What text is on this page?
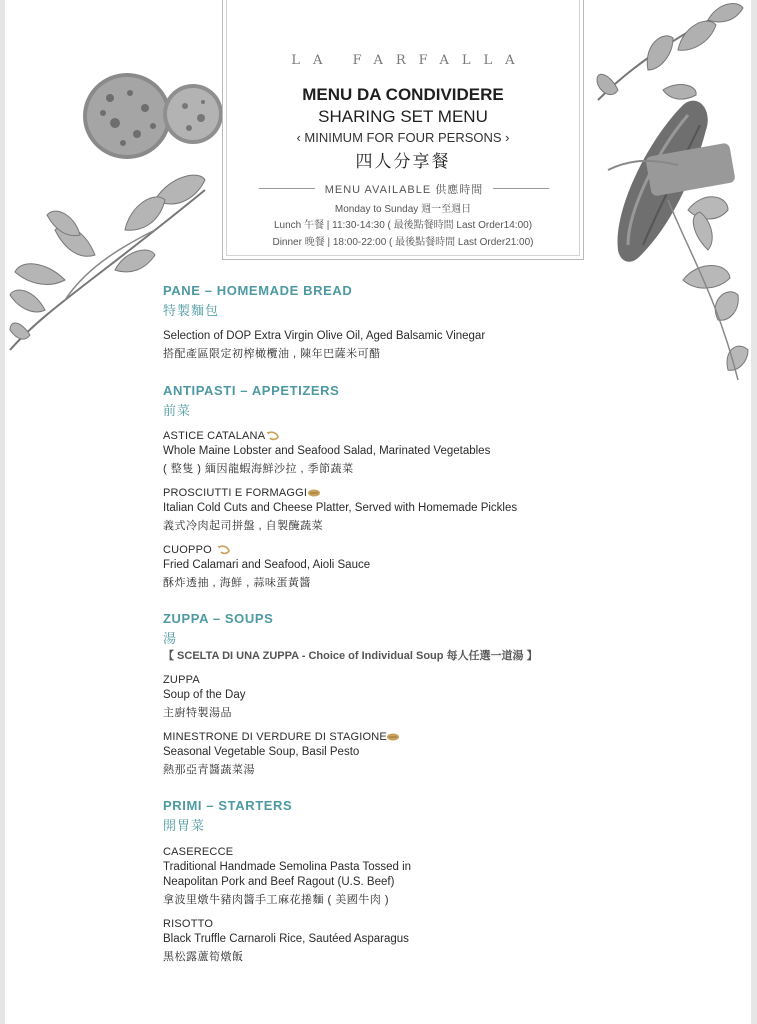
LA FARFALLA
MENU DA CONDIVIDERE
SHARING SET MENU
‹ MINIMUM FOR FOUR PERSONS ›
四人分享餐
MENU AVAILABLE 供應時間
Monday to Sunday 週一至週日
Lunch 午餐 | 11:30-14:30 ( 最後點餐時間 Last Order14:00)
Dinner 晚餐 | 18:00-22:00 ( 最後點餐時間 Last Order21:00)
PANE – HOMEMADE BREAD
特製麵包
Selection of DOP Extra Virgin Olive Oil, Aged Balsamic Vinegar
搭配產區限定初榨橄欖油 , 陳年巴薩米可醋
ANTIPASTI – APPETIZERS
前菜
ASTICE CATALANA
Whole Maine Lobster and Seafood Salad, Marinated Vegetables
( 整隻 ) 緬因龍蝦海鮮沙拉 , 季節蔬菜
PROSCIUTTI E FORMAGGI
Italian Cold Cuts and Cheese Platter, Served with Homemade Pickles
義式冷肉起司拼盤 , 自製醃蔬菜
CUOPPO
Fried Calamari and Seafood, Aioli Sauce
酥炸透抽 , 海鮮 , 蒜味蛋黃醬
ZUPPA – SOUPS
湯
【 SCELTA DI UNA ZUPPA - Choice of Individual Soup 每人任選一道湯 】
ZUPPA
Soup of the Day
主廚特製湯品
MINESTRONE DI VERDURE DI STAGIONE
Seasonal Vegetable Soup, Basil Pesto
熱那亞青醬蔬菜湯
PRIMI – STARTERS
開胃菜
CASERECCE
Traditional Handmade Semolina Pasta Tossed in
Neapolitan Pork and Beef Ragout (U.S. Beef)
拿波里燉牛豬肉醬手工麻花捲麵 ( 美國牛肉 )
RISOTTO
Black Truffle Carnaroli Rice, Sautéed Asparagus
黑松露蘆筍燉飯
